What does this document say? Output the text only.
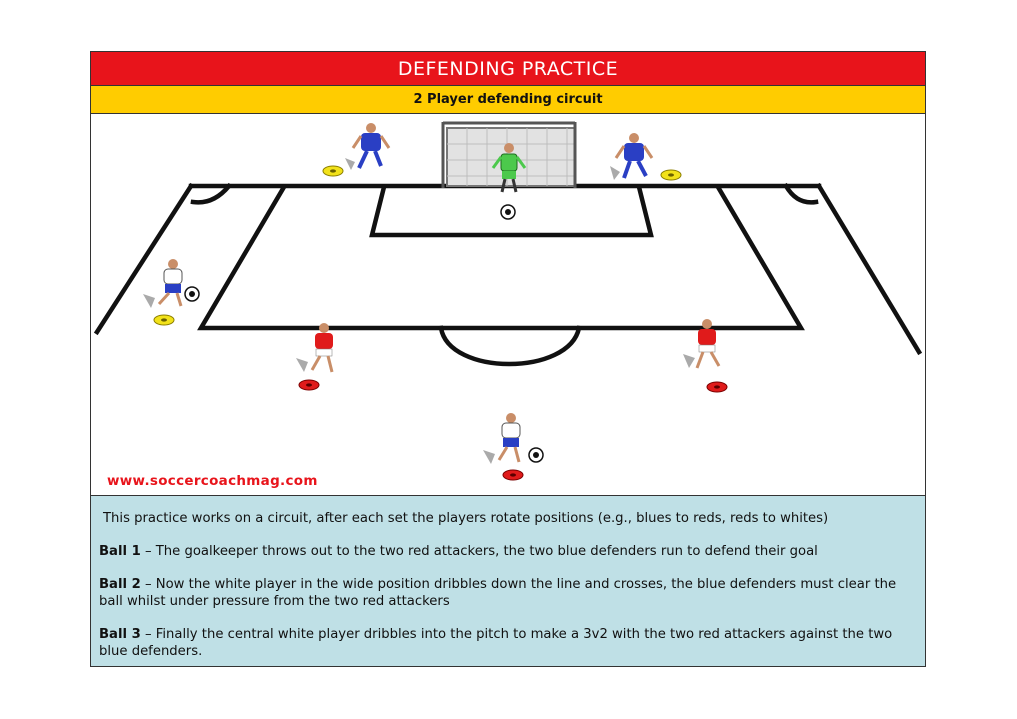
DEFENDING PRACTICE
2 Player defending circuit
www.soccercoachmag.com

This practice works on a circuit, after each set the players rotate positions (e.g., blues to reds, reds to whites)

Ball 1 – The goalkeeper throws out to the two red attackers, the two blue defenders run to defend their goal

Ball 2 – Now the white player in the wide position dribbles down the line and crosses, the blue defenders must clear the ball whilst under pressure from the two red attackers

Ball 3 – Finally the central white player dribbles into the pitch to make a 3v2 with the two red attackers against the two blue defenders.
